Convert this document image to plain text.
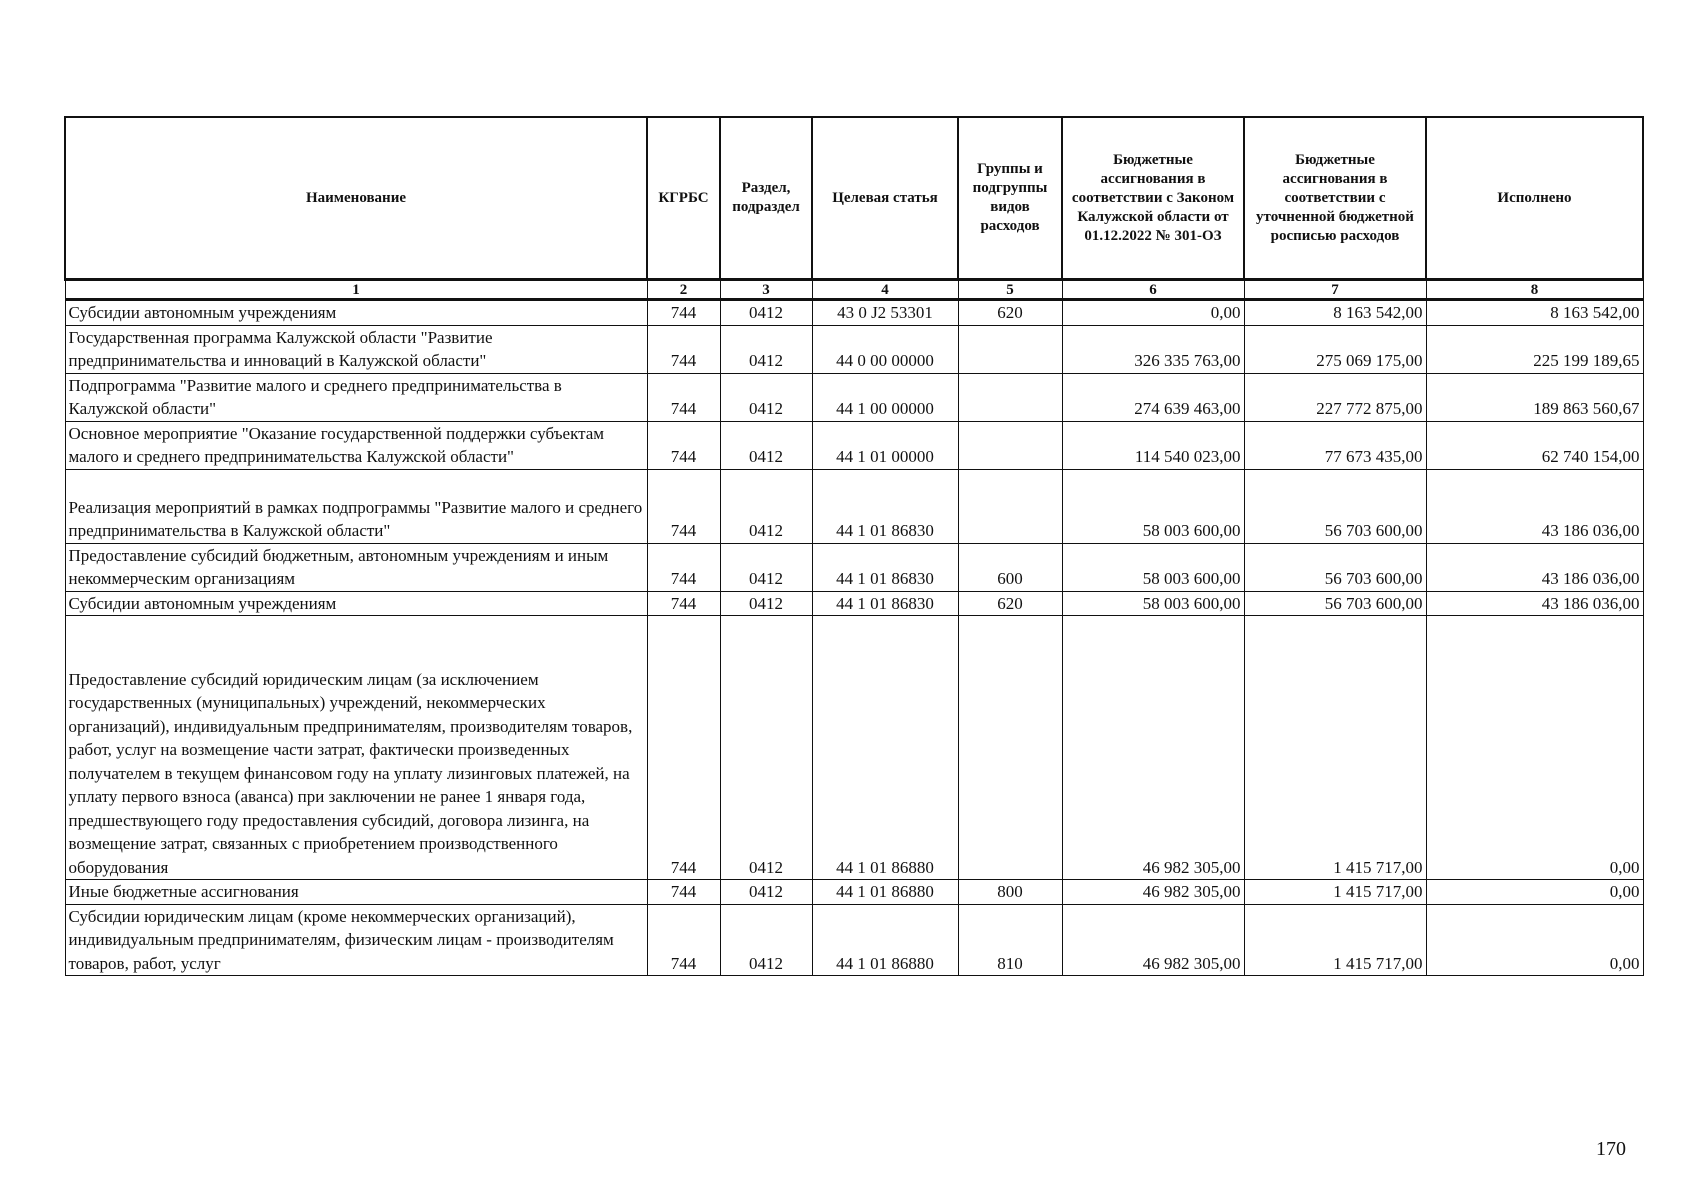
Наименование	КГРБС	Раздел, подраздел	Целевая статья	Группы и подгруппы видов расходов	Бюджетные ассигнования в соответствии с Законом Калужской области от 01.12.2022 № 301-ОЗ	Бюджетные ассигнования в соответствии с уточненной бюджетной росписью расходов	Исполнено
1	2	3	4	5	6	7	8
Субсидии автономным учреждениям	744	0412	43 0 J2 53301	620	0,00	8 163 542,00	8 163 542,00
Государственная программа Калужской области "Развитие предпринимательства и инноваций в Калужской области"	744	0412	44 0 00 00000		326 335 763,00	275 069 175,00	225 199 189,65
Подпрограмма "Развитие малого и среднего предпринимательства в Калужской области"	744	0412	44 1 00 00000		274 639 463,00	227 772 875,00	189 863 560,67
Основное мероприятие "Оказание государственной поддержки субъектам малого и среднего предпринимательства Калужской области"	744	0412	44 1 01 00000		114 540 023,00	77 673 435,00	62 740 154,00
Реализация мероприятий в рамках подпрограммы "Развитие малого и среднего предпринимательства в Калужской области"	744	0412	44 1 01 86830		58 003 600,00	56 703 600,00	43 186 036,00
Предоставление субсидий бюджетным, автономным учреждениям и иным некоммерческим организациям	744	0412	44 1 01 86830	600	58 003 600,00	56 703 600,00	43 186 036,00
Субсидии автономным учреждениям	744	0412	44 1 01 86830	620	58 003 600,00	56 703 600,00	43 186 036,00
Предоставление субсидий юридическим лицам (за исключением государственных (муниципальных) учреждений, некоммерческих организаций), индивидуальным предпринимателям, производителям товаров, работ, услуг на возмещение части затрат, фактически произведенных получателем в текущем финансовом году на уплату лизинговых платежей, на уплату первого взноса (аванса) при заключении не ранее 1 января года, предшествующего году предоставления субсидий, договора лизинга, на возмещение затрат, связанных с приобретением производственного оборудования	744	0412	44 1 01 86880		46 982 305,00	1 415 717,00	0,00
Иные бюджетные ассигнования	744	0412	44 1 01 86880	800	46 982 305,00	1 415 717,00	0,00
Субсидии юридическим лицам (кроме некоммерческих организаций), индивидуальным предпринимателям, физическим лицам - производителям товаров, работ, услуг	744	0412	44 1 01 86880	810	46 982 305,00	1 415 717,00	0,00
170
